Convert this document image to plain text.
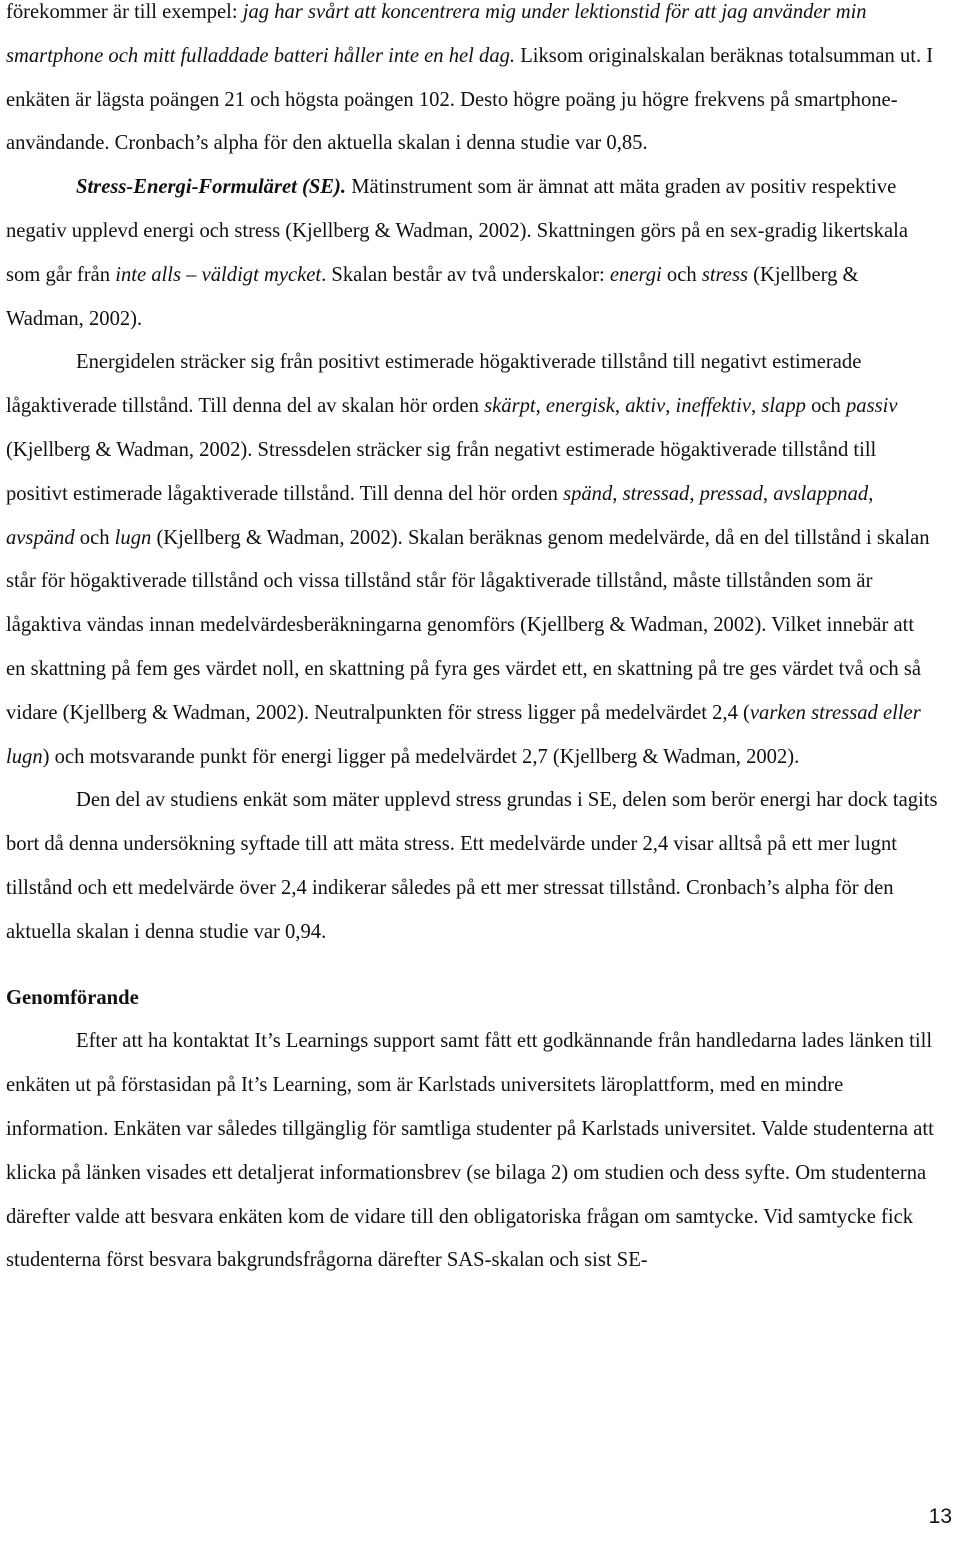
förekommer är till exempel: jag har svårt att koncentrera mig under lektionstid för att jag använder min smartphone och mitt fulladdade batteri håller inte en hel dag. Liksom originalskalan beräknas totalsumman ut. I enkäten är lägsta poängen 21 och högsta poängen 102. Desto högre poäng ju högre frekvens på smartphone-användande. Cronbach’s alpha för den aktuella skalan i denna studie var 0,85.

Stress-Energi-Formuläret (SE). Mätinstrument som är ämnat att mäta graden av positiv respektive negativ upplevd energi och stress (Kjellberg & Wadman, 2002). Skattningen görs på en sex-gradig likertskala som går från inte alls – väldigt mycket. Skalan består av två underskalor: energi och stress (Kjellberg & Wadman, 2002).

Energidelen sträcker sig från positivt estimerade högaktiverade tillstånd till negativt estimerade lågaktiverade tillstånd. Till denna del av skalan hör orden skärpt, energisk, aktiv, ineffektiv, slapp och passiv (Kjellberg & Wadman, 2002). Stressdelen sträcker sig från negativt estimerade högaktiverade tillstånd till positivt estimerade lågaktiverade tillstånd. Till denna del hör orden spänd, stressad, pressad, avslappnad, avspänd och lugn (Kjellberg & Wadman, 2002). Skalan beräknas genom medelvärde, då en del tillstånd i skalan står för högaktiverade tillstånd och vissa tillstånd står för lågaktiverade tillstånd, måste tillstånden som är lågaktiva vändas innan medelvärdesberäkningarna genomförs (Kjellberg & Wadman, 2002). Vilket innebär att en skattning på fem ges värdet noll, en skattning på fyra ges värdet ett, en skattning på tre ges värdet två och så vidare (Kjellberg & Wadman, 2002). Neutralpunkten för stress ligger på medelvärdet 2,4 (varken stressad eller lugn) och motsvarande punkt för energi ligger på medelvärdet 2,7 (Kjellberg & Wadman, 2002).

Den del av studiens enkät som mäter upplevd stress grundas i SE, delen som berör energi har dock tagits bort då denna undersökning syftade till att mäta stress. Ett medelvärde under 2,4 visar alltså på ett mer lugnt tillstånd och ett medelvärde över 2,4 indikerar således på ett mer stressat tillstånd. Cronbach’s alpha för den aktuella skalan i denna studie var 0,94.

Genomförande

Efter att ha kontaktat It’s Learnings support samt fått ett godkännande från handledarna lades länken till enkäten ut på förstasidan på It’s Learning, som är Karlstads universitets läroplattform, med en mindre information. Enkäten var således tillgänglig för samtliga studenter på Karlstads universitet. Valde studenterna att klicka på länken visades ett detaljerat informationsbrev (se bilaga 2) om studien och dess syfte. Om studenterna därefter valde att besvara enkäten kom de vidare till den obligatoriska frågan om samtycke. Vid samtycke fick studenterna först besvara bakgrundsfrågorna därefter SAS-skalan och sist SE-

13
